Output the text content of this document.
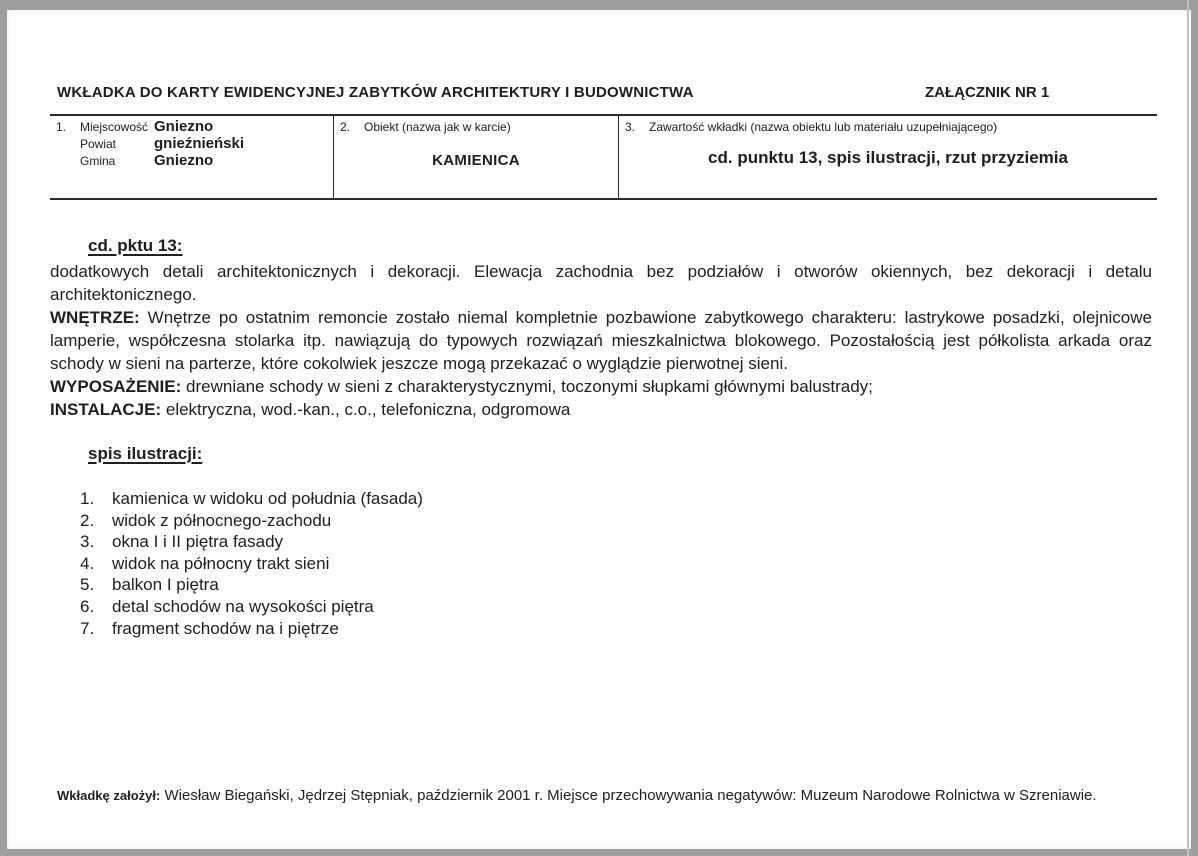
WKŁADKA DO KARTY EWIDENCYJNEJ ZABYTKÓW ARCHITEKTURY I BUDOWNICTWA	ZAŁĄCZNIK NR 1
1.	Miejscowość Gniezno
Powiat	gnieźnieński
Gmina	Gniezno
2.	Obiekt (nazwa jak w karcie)
KAMIENICA
3.	Zawartość wkładki (nazwa obiektu lub materiału uzupełniającego)
cd. punktu 13, spis ilustracji, rzut przyziemia
cd. pktu 13:

dodatkowych detali architektonicznych i dekoracji. Elewacja zachodnia bez podziałów i otworów okiennych, bez dekoracji i detalu architektonicznego.

WNĘTRZE: Wnętrze po ostatnim remoncie zostało niemal kompletnie pozbawione zabytkowego charakteru: lastrykowe posadzki, olejnicowe lamperie, współczesna stolarka itp. nawiązują do typowych rozwiązań mieszkalnictwa blokowego. Pozostałością jest półkolista arkada oraz schody w sieni na parterze, które cokolwiek jeszcze mogą przekazać o wyglądzie pierwotnej sieni.

WYPOSAŻENIE: drewniane schody w sieni z charakterystycznymi, toczonymi słupkami głównymi balustrady;

INSTALACJE: elektryczna, wod.-kan., c.o., telefoniczna, odgromowa

spis ilustracji:
1.	kamienica w widoku od południa (fasada)
2.	widok z północnego-zachodu
3.	okna I i II piętra fasady
4.	widok na północny trakt sieni
5.	balkon I piętra
6.	detal schodów na wysokości piętra
7.	fragment schodów na i piętrze
Wkładkę założył: Wiesław Biegański, Jędrzej Stępniak, październik 2001 r. Miejsce przechowywania negatywów: Muzeum Narodowe Rolnictwa w Szreniawie.
